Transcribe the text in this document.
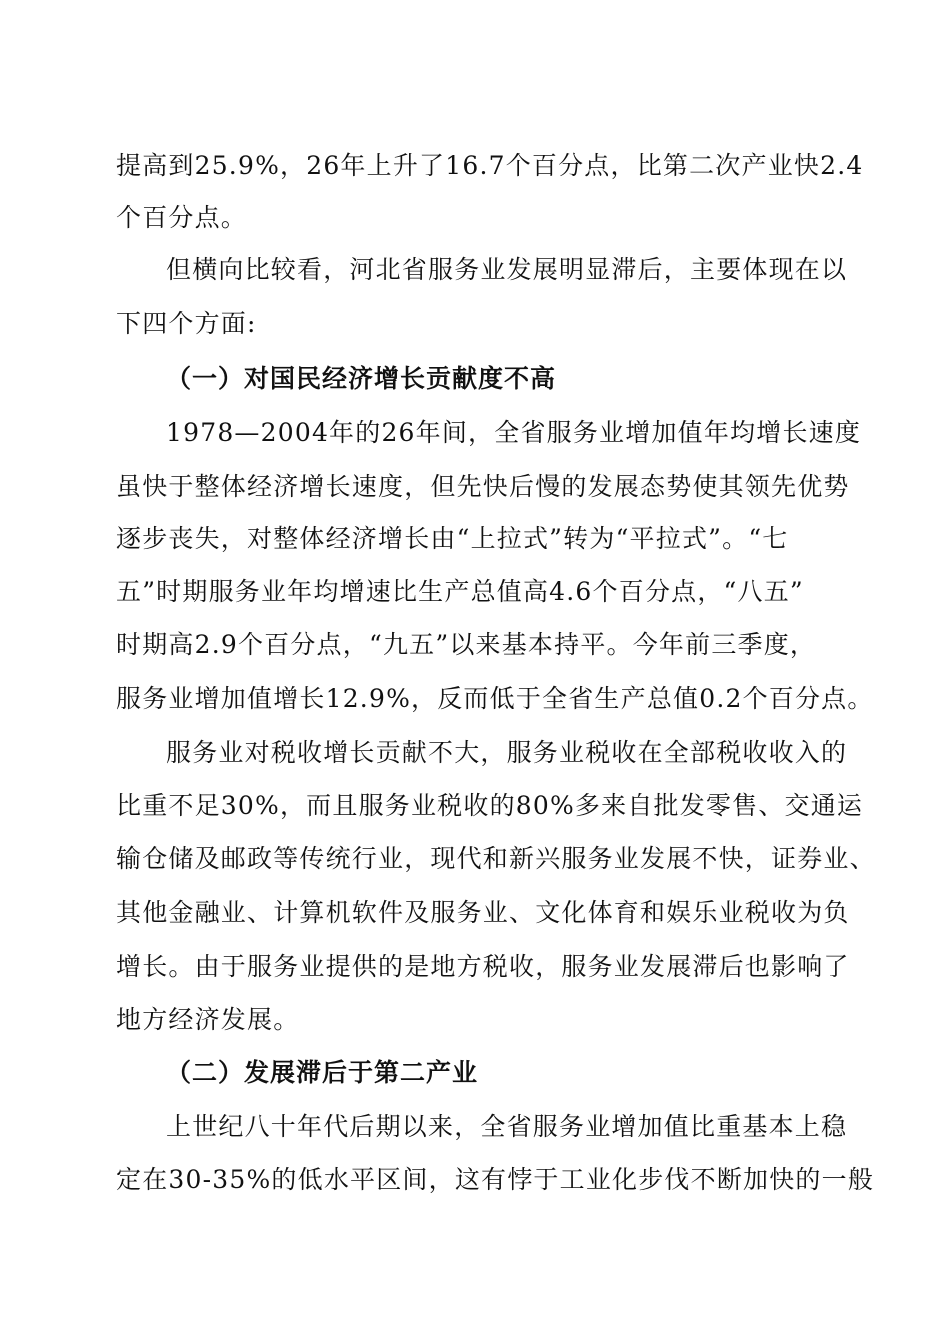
提高到25.9%，26年上升了16.7个百分点，比第二次产业快2.4
个百分点。
但横向比较看，河北省服务业发展明显滞后，主要体现在以
下四个方面:
（一）对国民经济增长贡献度不高
1978—2004年的26年间，全省服务业增加值年均增长速度
虽快于整体经济增长速度，但先快后慢的发展态势使其领先优势
逐步丧失，对整体经济增长由“上拉式”转为“平拉式”。“七
五”时期服务业年均增速比生产总值高4.6个百分点，“八五”
时期高2.9个百分点，“九五”以来基本持平。今年前三季度，
服务业增加值增长12.9%，反而低于全省生产总值0.2个百分点。
服务业对税收增长贡献不大，服务业税收在全部税收收入的
比重不足30%，而且服务业税收的80%多来自批发零售、交通运
输仓储及邮政等传统行业，现代和新兴服务业发展不快，证券业、
其他金融业、计算机软件及服务业、文化体育和娱乐业税收为负
增长。由于服务业提供的是地方税收，服务业发展滞后也影响了
地方经济发展。
（二）发展滞后于第二产业
上世纪八十年代后期以来，全省服务业增加值比重基本上稳
定在30-35%的低水平区间，这有悖于工业化步伐不断加快的一般
